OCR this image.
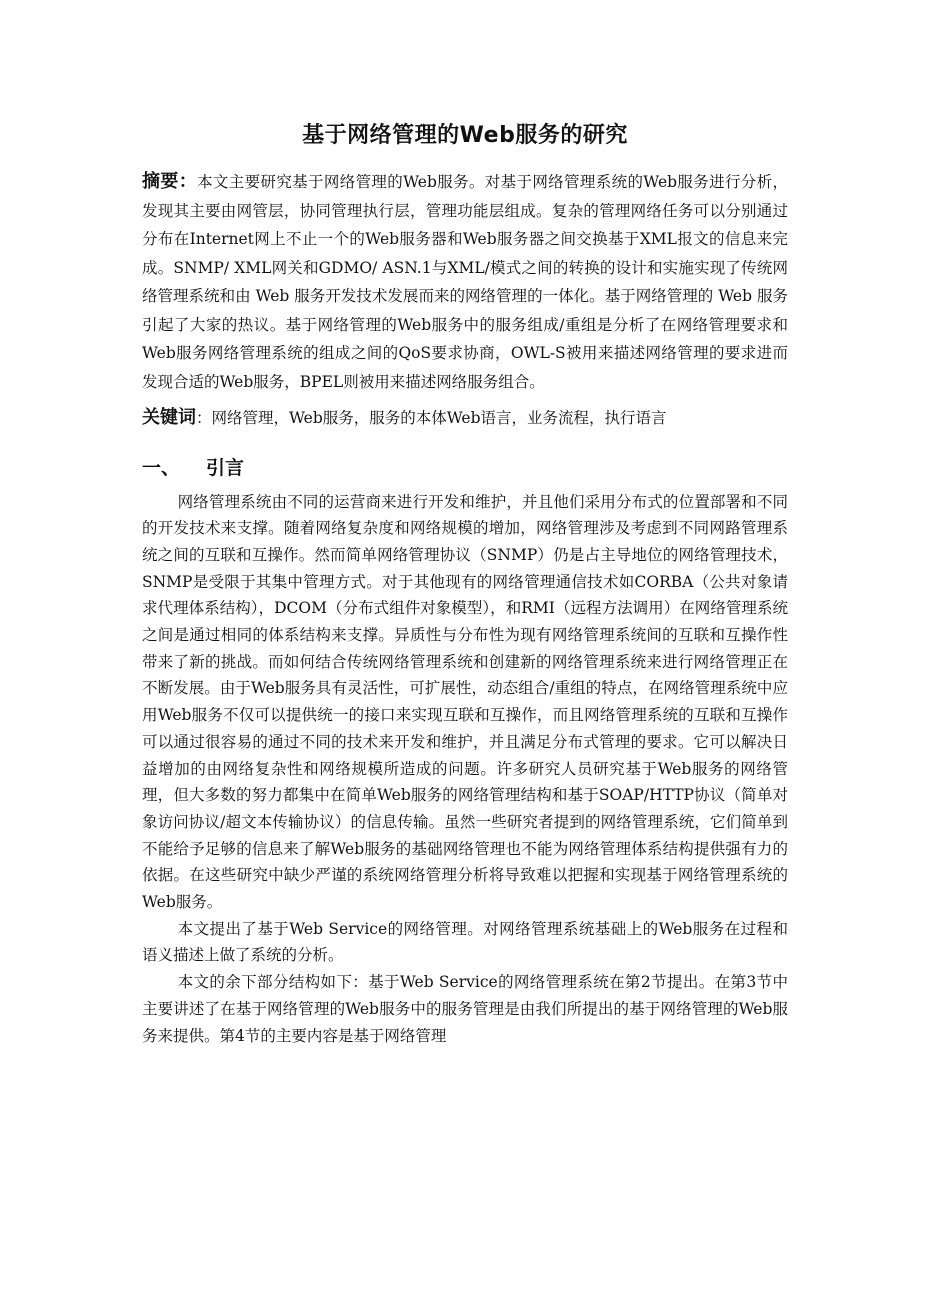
基于网络管理的Web服务的研究

摘要：本文主要研究基于网络管理的Web服务。对基于网络管理系统的Web服务进行分析，发现其主要由网管层，协同管理执行层，管理功能层组成。复杂的管理网络任务可以分别通过分布在Internet网上不止一个的Web服务器和Web服务器之间交换基于XML报文的信息来完成。SNMP/ XML网关和GDMO/ ASN.1与XML/模式之间的转换的设计和实施实现了传统网络管理系统和由 Web 服务开发技术发展而来的网络管理的一体化。基于网络管理的 Web 服务引起了大家的热议。基于网络管理的Web服务中的服务组成/重组是分析了在网络管理要求和Web服务网络管理系统的组成之间的QoS要求协商，OWL-S被用来描述网络管理的要求进而发现合适的Web服务，BPEL则被用来描述网络服务组合。

关键词：网络管理，Web服务，服务的本体Web语言，业务流程，执行语言

一、 引言

网络管理系统由不同的运营商来进行开发和维护，并且他们采用分布式的位置部署和不同的开发技术来支撑。随着网络复杂度和网络规模的增加，网络管理涉及考虑到不同网路管理系统之间的互联和互操作。然而简单网络管理协议（SNMP）仍是占主导地位的网络管理技术，SNMP是受限于其集中管理方式。对于其他现有的网络管理通信技术如CORBA（公共对象请求代理体系结构），DCOM（分布式组件对象模型），和RMI（远程方法调用）在网络管理系统之间是通过相同的体系结构来支撑。异质性与分布性为现有网络管理系统间的互联和互操作性带来了新的挑战。而如何结合传统网络管理系统和创建新的网络管理系统来进行网络管理正在不断发展。由于Web服务具有灵活性，可扩展性，动态组合/重组的特点，在网络管理系统中应用Web服务不仅可以提供统一的接口来实现互联和互操作，而且网络管理系统的互联和互操作可以通过很容易的通过不同的技术来开发和维护，并且满足分布式管理的要求。它可以解决日益增加的由网络复杂性和网络规模所造成的问题。许多研究人员研究基于Web服务的网络管理，但大多数的努力都集中在简单Web服务的网络管理结构和基于SOAP/HTTP协议（简单对象访问协议/超文本传输协议）的信息传输。虽然一些研究者提到的网络管理系统，它们简单到不能给予足够的信息来了解Web服务的基础网络管理也不能为网络管理体系结构提供强有力的依据。在这些研究中缺少严谨的系统网络管理分析将导致难以把握和实现基于网络管理系统的Web服务。

本文提出了基于Web Service的网络管理。对网络管理系统基础上的Web服务在过程和语义描述上做了系统的分析。

本文的余下部分结构如下：基于Web Service的网络管理系统在第2节提出。在第3节中主要讲述了在基于网络管理的Web服务中的服务管理是由我们所提出的基于网络管理的Web服务来提供。第4节的主要内容是基于网络管理
